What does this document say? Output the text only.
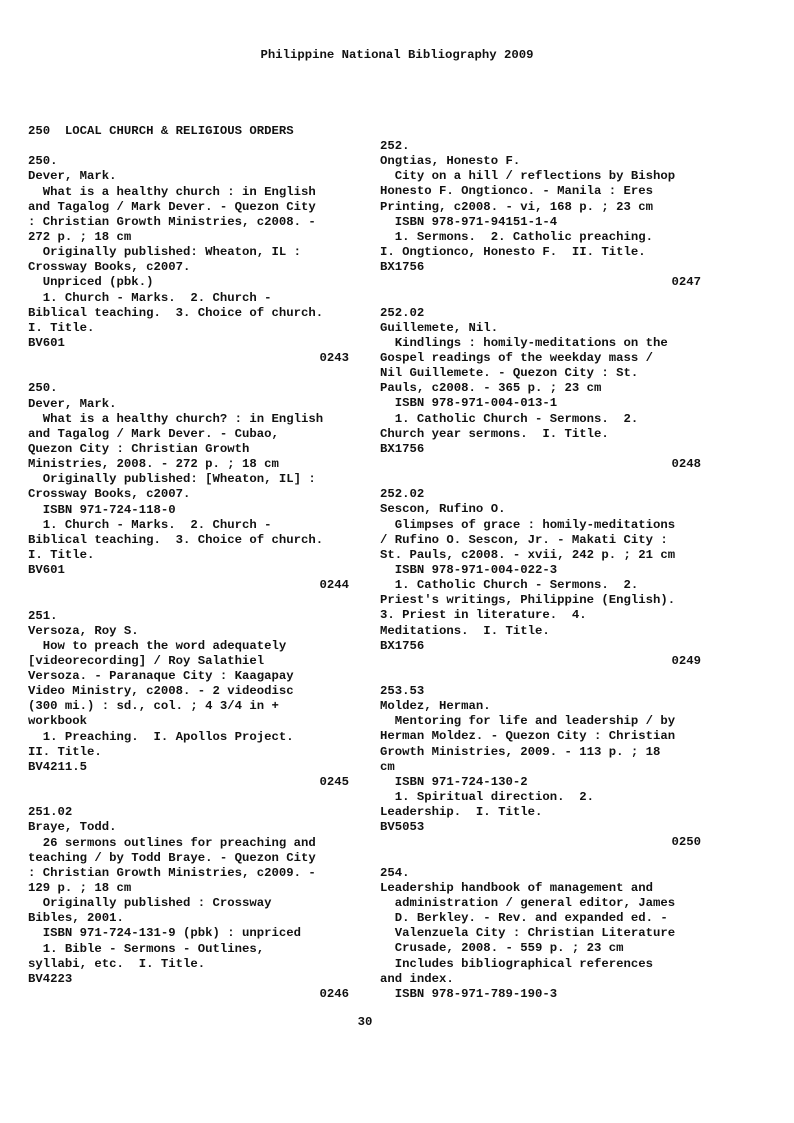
Philippine National Bibliography 2009
250  LOCAL CHURCH & RELIGIOUS ORDERS
250.
Dever, Mark.
What is a healthy church : in English
and Tagalog / Mark Dever. - Quezon City
: Christian Growth Ministries, c2008. -
272 p. ; 18 cm
Originally published: Wheaton, IL :
Crossway Books, c2007.
Unpriced (pbk.)
1. Church - Marks.  2. Church -
Biblical teaching.  3. Choice of church.
I. Title.
BV601
0243
250.
Dever, Mark.
What is a healthy church? : in English
and Tagalog / Mark Dever. - Cubao,
Quezon City : Christian Growth
Ministries, 2008. - 272 p. ; 18 cm
Originally published: [Wheaton, IL] :
Crossway Books, c2007.
ISBN 971-724-118-0
1. Church - Marks.  2. Church -
Biblical teaching.  3. Choice of church.
I. Title.
BV601
0244
251.
Versoza, Roy S.
How to preach the word adequately
[videorecording] / Roy Salathiel
Versoza. - Paranaque City : Kaagapay
Video Ministry, c2008. - 2 videodisc
(300 mi.) : sd., col. ; 4 3/4 in +
workbook
1. Preaching.  I. Apollos Project.
II. Title.
BV4211.5
0245
251.02
Braye, Todd.
26 sermons outlines for preaching and
teaching / by Todd Braye. - Quezon City
: Christian Growth Ministries, c2009. -
129 p. ; 18 cm
Originally published : Crossway
Bibles, 2001.
ISBN 971-724-131-9 (pbk) : unpriced
1. Bible - Sermons - Outlines,
syllabi, etc.  I. Title.
BV4223
0246
252.
Ongtias, Honesto F.
City on a hill / reflections by Bishop
Honesto F. Ongtionco. - Manila : Eres
Printing, c2008. - vi, 168 p. ; 23 cm
ISBN 978-971-94151-1-4
1. Sermons.  2. Catholic preaching.
I. Ongtionco, Honesto F.  II. Title.
BX1756
0247
252.02
Guillemete, Nil.
Kindlings : homily-meditations on the
Gospel readings of the weekday mass /
Nil Guillemete. - Quezon City : St.
Pauls, c2008. - 365 p. ; 23 cm
ISBN 978-971-004-013-1
1. Catholic Church - Sermons.  2.
Church year sermons.  I. Title.
BX1756
0248
252.02
Sescon, Rufino O.
Glimpses of grace : homily-meditations
/ Rufino O. Sescon, Jr. - Makati City :
St. Pauls, c2008. - xvii, 242 p. ; 21 cm
ISBN 978-971-004-022-3
1. Catholic Church - Sermons.  2.
Priest's writings, Philippine (English).
3. Priest in literature.  4.
Meditations.  I. Title.
BX1756
0249
253.53
Moldez, Herman.
Mentoring for life and leadership / by
Herman Moldez. - Quezon City : Christian
Growth Ministries, 2009. - 113 p. ; 18
cm
ISBN 971-724-130-2
1. Spiritual direction.  2.
Leadership.  I. Title.
BV5053
0250
254.
Leadership handbook of management and
administration / general editor, James
D. Berkley. - Rev. and expanded ed. -
Valenzuela City : Christian Literature
Crusade, 2008. - 559 p. ; 23 cm
Includes bibliographical references
and index.
ISBN 978-971-789-190-3
30
